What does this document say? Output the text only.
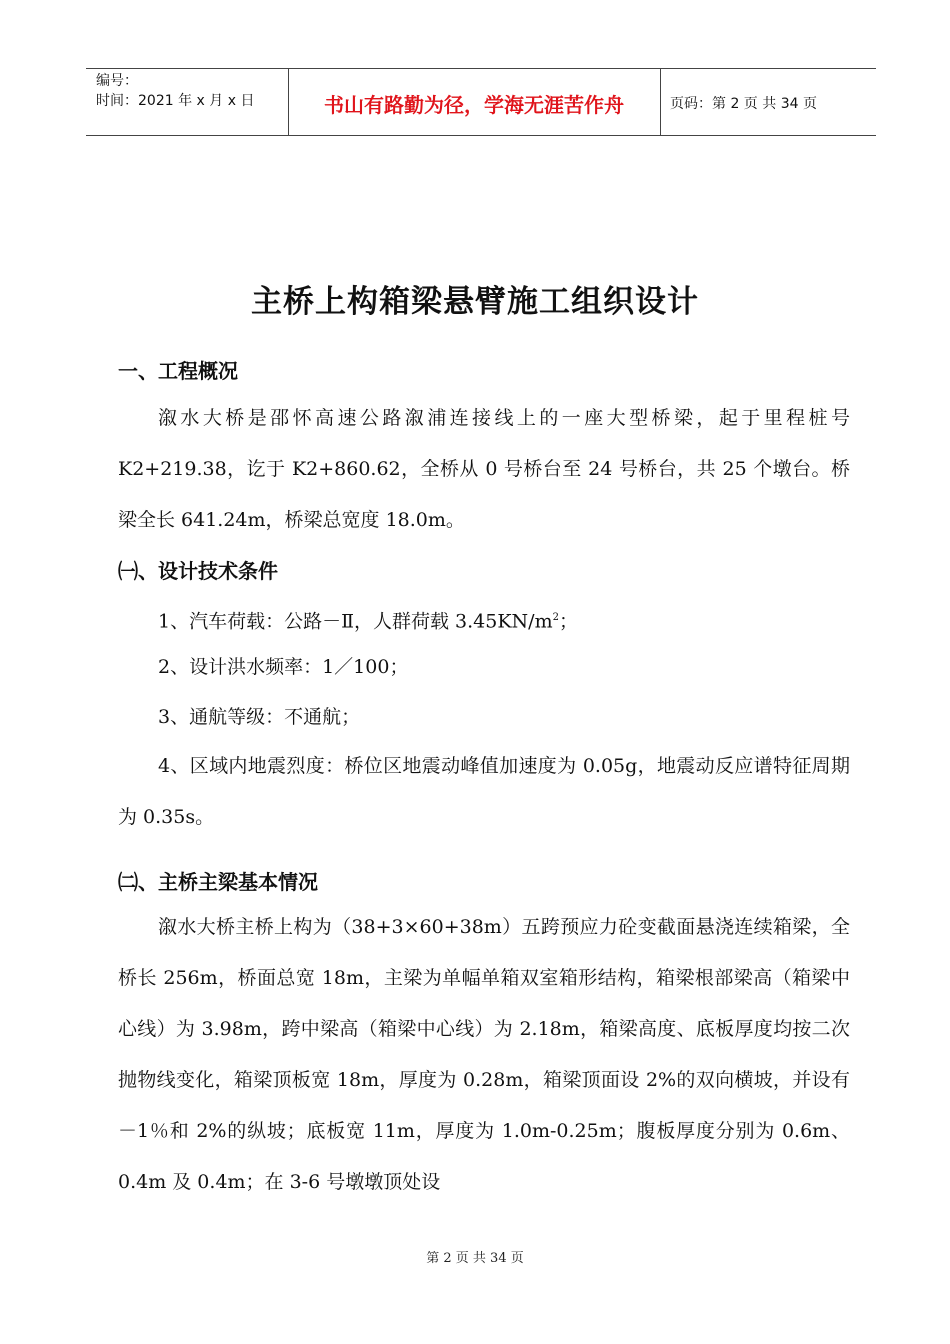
编号：
时间：2021 年 x 月 x 日	书山有路勤为径，学海无涯苦作舟	页码：第 2 页 共 34 页
主桥上构箱梁悬臂施工组织设计
一、工程概况

溆水大桥是邵怀高速公路溆浦连接线上的一座大型桥梁，起于里程桩号 K2+219.38，讫于 K2+860.62，全桥从 0 号桥台至 24 号桥台，共 25 个墩台。桥梁全长 641.24m，桥梁总宽度 18.0m。

㈠、设计技术条件

1、汽车荷载：公路－Ⅱ，人群荷载 $3.45KN/m^2$；

2、设计洪水频率：1／100；

3、通航等级：不通航；

4、区域内地震烈度：桥位区地震动峰值加速度为 0.05g，地震动反应谱特征周期为 0.35s。

㈡、主桥主梁基本情况

溆水大桥主桥上构为（38+3×60+38m）五跨预应力砼变截面悬浇连续箱梁，全桥长 256m，桥面总宽 18m，主梁为单幅单箱双室箱形结构，箱梁根部梁高（箱梁中心线）为 3.98m，跨中梁高（箱梁中心线）为 2.18m，箱梁高度、底板厚度均按二次抛物线变化，箱梁顶板宽 18m，厚度为 0.28m，箱梁顶面设 2%的双向横坡，并设有－1％和 2%的纵坡；底板宽 11m，厚度为 1.0m-0.25m；腹板厚度分别为 0.6m、0.4m 及 0.4m；在 3-6 号墩墩顶处设

第 2 页 共 34 页
